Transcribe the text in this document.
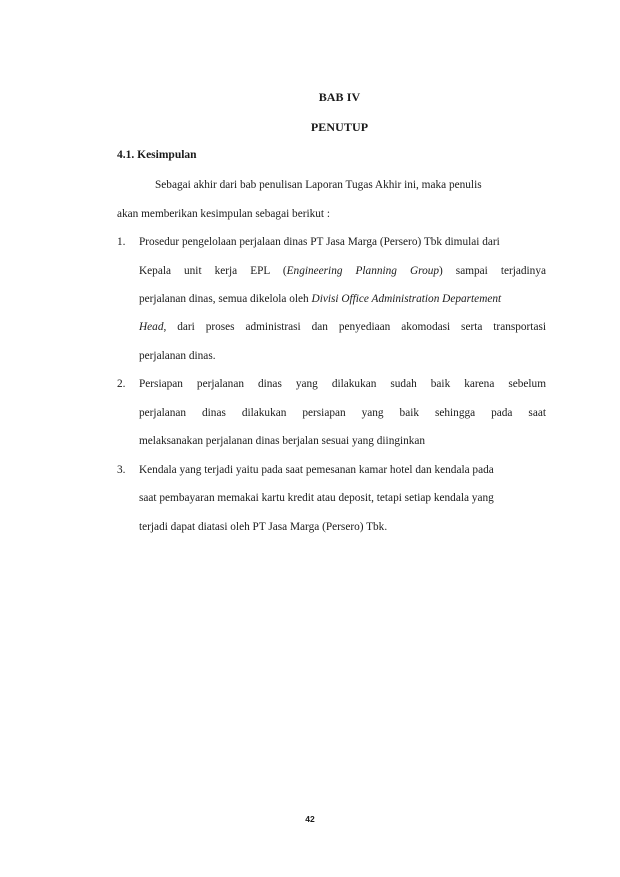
BAB IV
PENUTUP
4.1. Kesimpulan
Sebagai akhir dari bab penulisan Laporan Tugas Akhir ini, maka penulis
akan memberikan kesimpulan sebagai berikut :
1. Prosedur pengelolaan perjalaan dinas PT Jasa Marga (Persero) Tbk dimulai dari
Kepala unit kerja EPL (Engineering Planning Group) sampai terjadinya
perjalanan dinas, semua dikelola oleh Divisi Office Administration Departement
Head, dari proses administrasi dan penyediaan akomodasi serta transportasi
perjalanan dinas.
2. Persiapan perjalanan dinas yang dilakukan sudah baik karena sebelum
perjalanan dinas dilakukan persiapan yang baik sehingga pada saat
melaksanakan perjalanan dinas berjalan sesuai yang diinginkan
3. Kendala yang terjadi yaitu pada saat pemesanan kamar hotel dan kendala pada
saat pembayaran memakai kartu kredit atau deposit, tetapi setiap kendala yang
terjadi dapat diatasi oleh PT Jasa Marga (Persero) Tbk.
42
